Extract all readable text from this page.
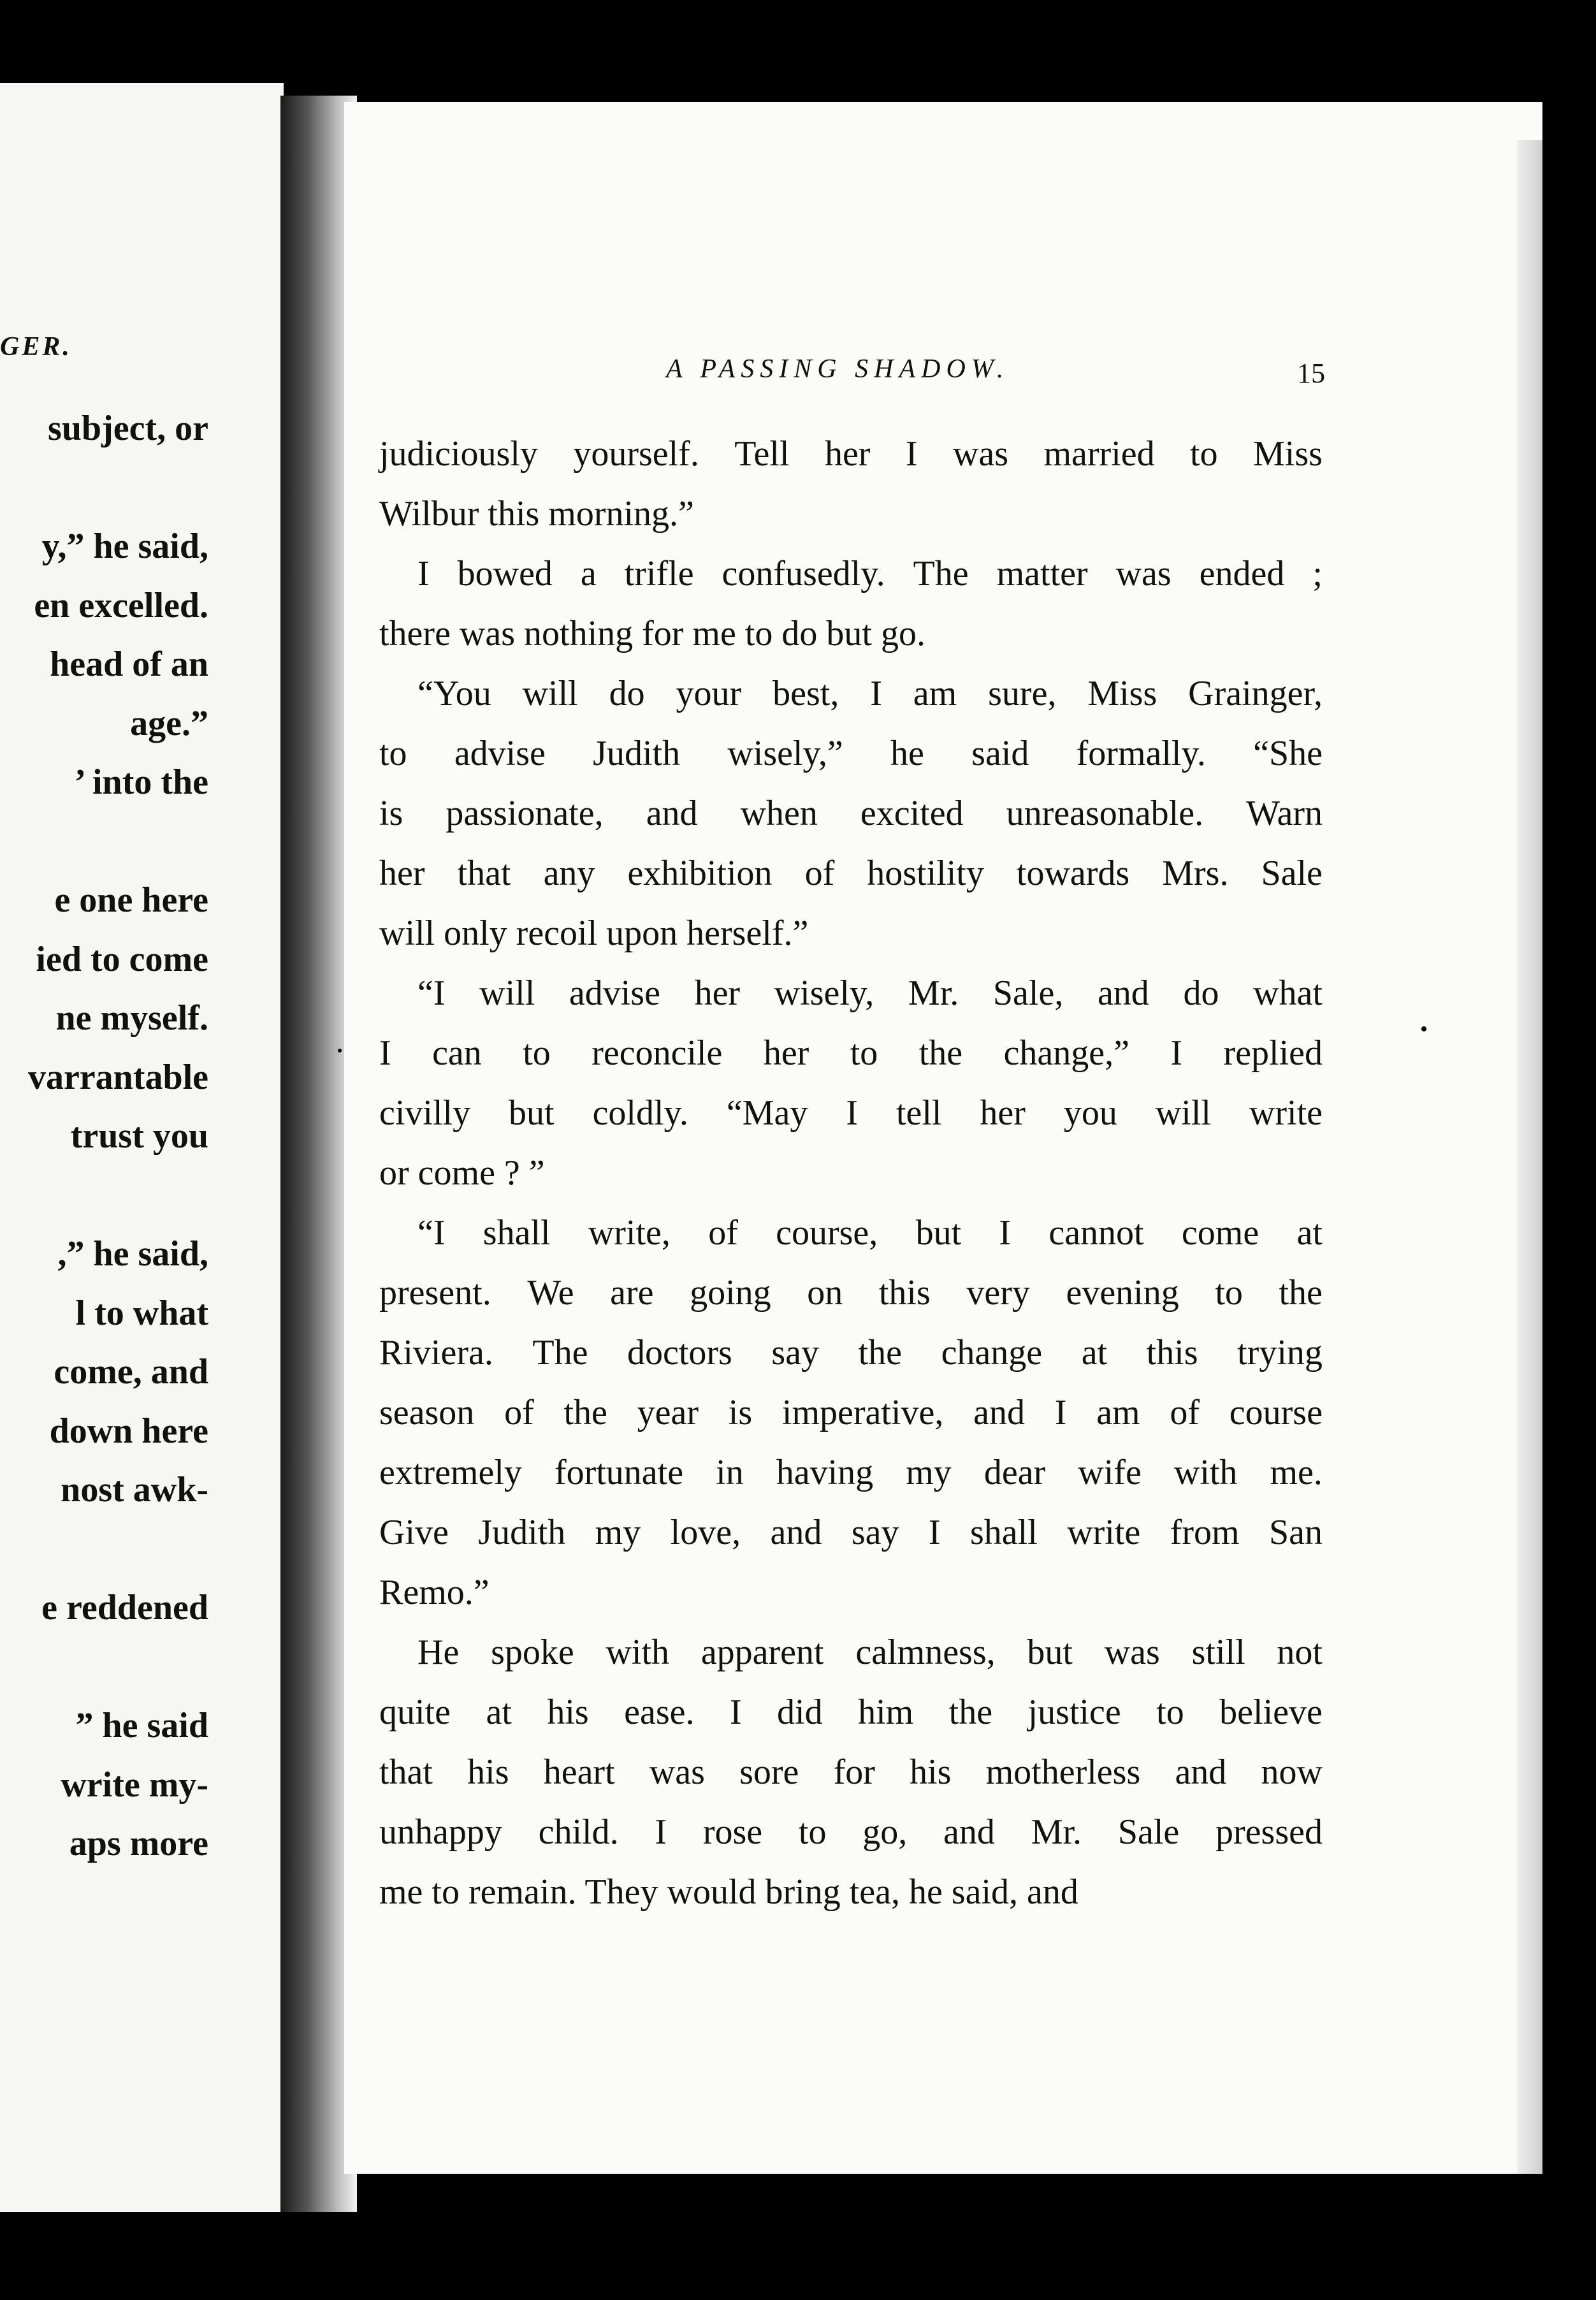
GER.
subject, or
y,” he said,
en excelled.
head of an
age.”
’ into the
e one here
ied to come
ne myself.
varrantable
trust you
,” he said,
l to what
come, and
down here
nost awk-
e reddened
” he said
write my-
aps more
A PASSING SHADOW.	15
judiciously yourself. Tell her I was married to Miss
Wilbur this morning.”
I bowed a trifle confusedly. The matter was ended ;
there was nothing for me to do but go.
“You will do your best, I am sure, Miss Grainger,
to advise Judith wisely,” he said formally. “She
is passionate, and when excited unreasonable. Warn
her that any exhibition of hostility towards Mrs. Sale
will only recoil upon herself.”
“I will advise her wisely, Mr. Sale, and do what
I can to reconcile her to the change,” I replied
civilly but coldly. “May I tell her you will write
or come ? ”
“I shall write, of course, but I cannot come at
present. We are going on this very evening to the
Riviera. The doctors say the change at this trying
season of the year is imperative, and I am of course
extremely fortunate in having my dear wife with me.
Give Judith my love, and say I shall write from San
Remo.”
He spoke with apparent calmness, but was still not
quite at his ease. I did him the justice to believe
that his heart was sore for his motherless and now
unhappy child. I rose to go, and Mr. Sale pressed
me to remain. They would bring tea, he said, and
